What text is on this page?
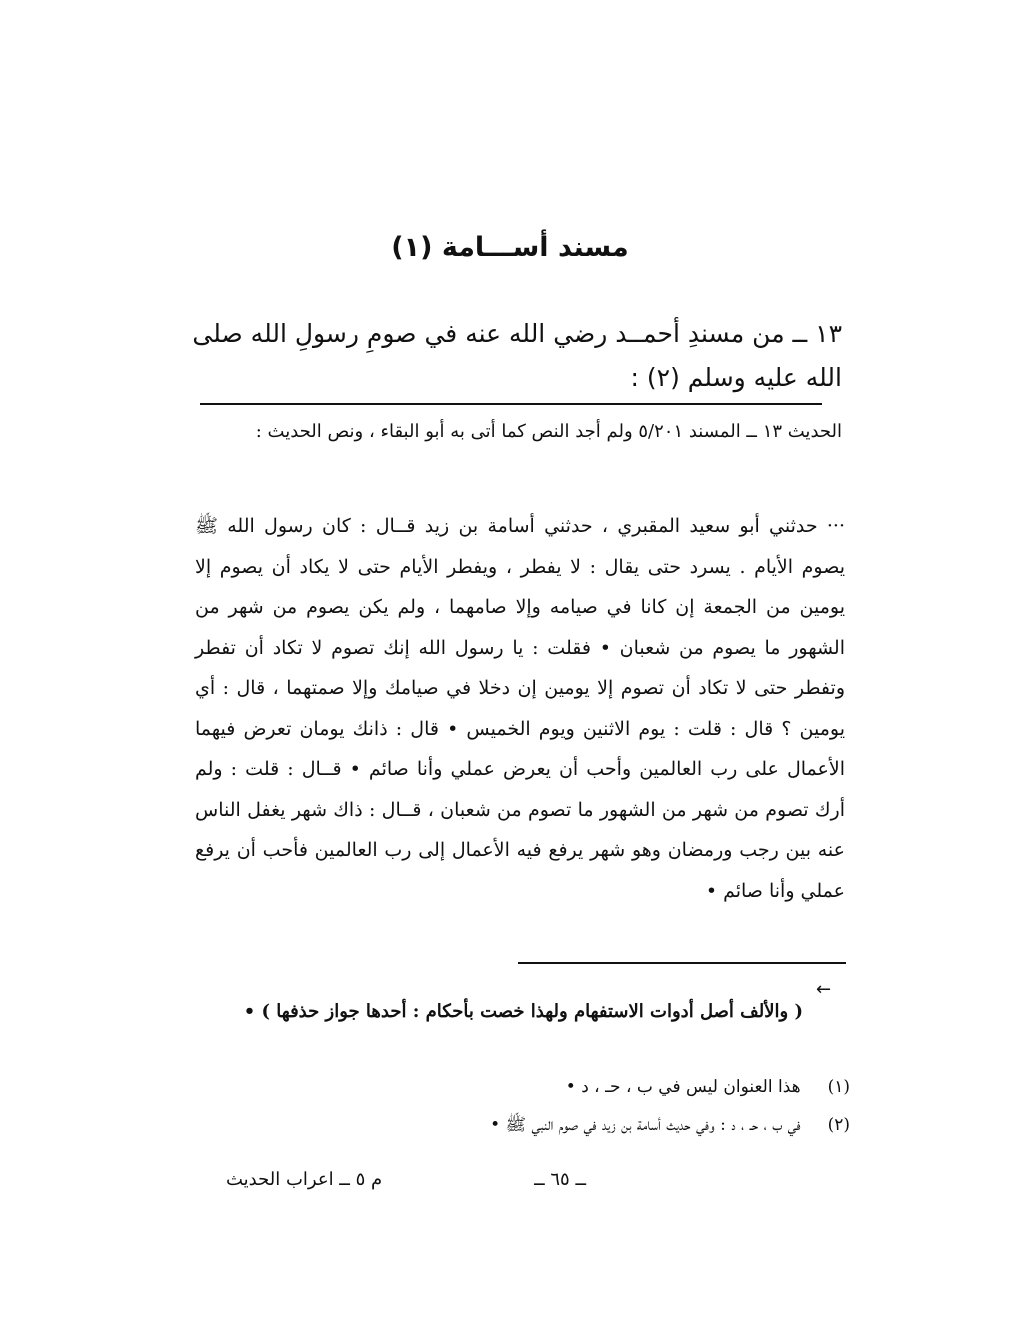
مسند أســـامة (١)
١٣ ــ من مسندِ أحمــد رضي الله عنه في صومِ رسولِ الله صلى الله عليه وسلم (٢) :
الحديث ١٣ ــ المسند ٥/٢٠١ ولم أجد النص كما أتى به أبو البقاء ، ونص الحديث :
··· حدثني أبو سعيد المقبري ، حدثني أسامة بن زيد قــال : كان رسول الله ﷺ يصوم الأيام . يسرد حتى يقال : لا يفطر ، ويفطر الأيام حتى لا يكاد أن يصوم إلا يومين من الجمعة إن كانا في صيامه وإلا صامهما ، ولم يكن يصوم من شهر من الشهور ما يصوم من شعبان • فقلت : يا رسول الله إنك تصوم لا تكاد أن تفطر وتفطر حتى لا تكاد أن تصوم إلا يومين إن دخلا في صيامك وإلا صمتهما ، قال : أي يومين ؟ قال : قلت : يوم الاثنين ويوم الخميس • قال : ذانك يومان تعرض فيهما الأعمال على رب العالمين وأحب أن يعرض عملي وأنا صائم • قــال : قلت : ولم أرك تصوم من شهر من الشهور ما تصوم من شعبان ، قــال : ذاك شهر يغفل الناس عنه بين رجب ورمضان وهو شهر يرفع فيه الأعمال إلى رب العالمين فأحب أن يرفع عملي وأنا صائم •
←
( والألف أصل أدوات الاستفهام ولهذا خصت بأحكام : أحدها جواز حذفها ) •
(١) هذا العنوان ليس في ب ، حـ ، د •
(٢) في ب ، حـ ، د : وفي حديث أسامة بن زيد في صوم النبي ﷺ •
ــ ٦٥ ــ
م ٥ ــ اعراب الحديث
